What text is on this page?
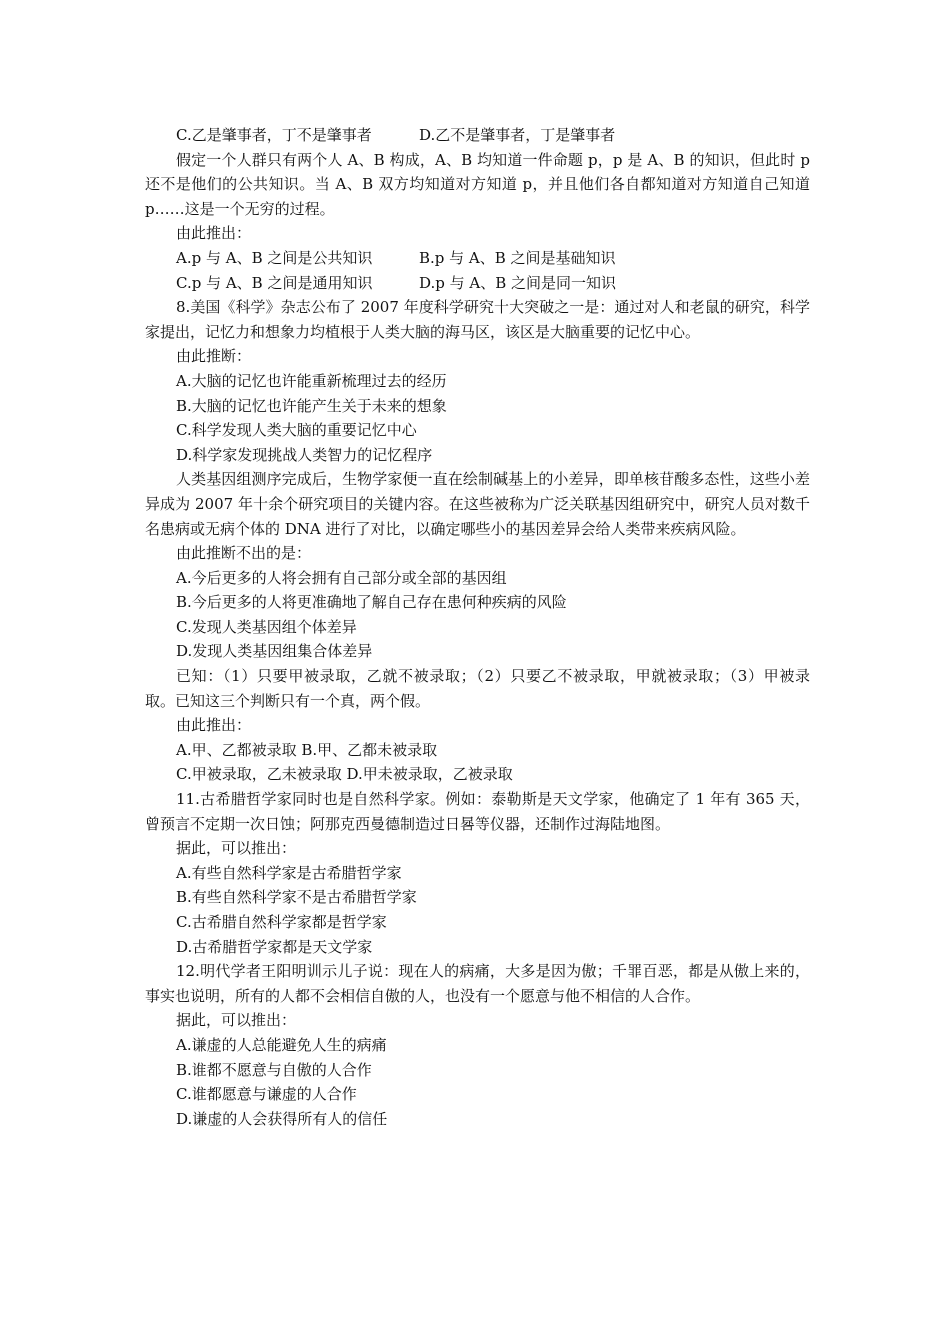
C.乙是肇事者，丁不是肇事者	D.乙不是肇事者，丁是肇事者

假定一个人群只有两个人 A、B 构成，A、B 均知道一件命题 p，p 是 A、B 的知识，但此时 p 还不是他们的公共知识。当 A、B 双方均知道对方知道 p，并且他们各自都知道对方知道自己知道 p……这是一个无穷的过程。

由此推出：
A.p 与 A、B 之间是公共知识	B.p 与 A、B 之间是基础知识
C.p 与 A、B 之间是通用知识	D.p 与 A、B 之间是同一知识

8.美国《科学》杂志公布了 2007 年度科学研究十大突破之一是：通过对人和老鼠的研究，科学家提出，记忆力和想象力均植根于人类大脑的海马区，该区是大脑重要的记忆中心。

由此推断：
A.大脑的记忆也许能重新梳理过去的经历
B.大脑的记忆也许能产生关于未来的想象
C.科学发现人类大脑的重要记忆中心
D.科学家发现挑战人类智力的记忆程序

人类基因组测序完成后，生物学家便一直在绘制碱基上的小差异，即单核苷酸多态性，这些小差异成为 2007 年十余个研究项目的关键内容。在这些被称为广泛关联基因组研究中，研究人员对数千名患病或无病个体的 DNA 进行了对比，以确定哪些小的基因差异会给人类带来疾病风险。

由此推断不出的是：
A.今后更多的人将会拥有自己部分或全部的基因组
B.今后更多的人将更准确地了解自己存在患何种疾病的风险
C.发现人类基因组个体差异
D.发现人类基因组集合体差异

已知：（1）只要甲被录取，乙就不被录取；（2）只要乙不被录取，甲就被录取；（3）甲被录取。已知这三个判断只有一个真，两个假。

由此推出：
A.甲、乙都被录取 B.甲、乙都未被录取
C.甲被录取，乙未被录取 D.甲未被录取，乙被录取

11.古希腊哲学家同时也是自然科学家。例如：泰勒斯是天文学家，他确定了 1 年有 365 天，曾预言不定期一次日蚀；阿那克西曼德制造过日晷等仪器，还制作过海陆地图。

据此，可以推出：
A.有些自然科学家是古希腊哲学家
B.有些自然科学家不是古希腊哲学家
C.古希腊自然科学家都是哲学家
D.古希腊哲学家都是天文学家

12.明代学者王阳明训示儿子说：现在人的病痛，大多是因为傲；千罪百恶，都是从傲上来的，事实也说明，所有的人都不会相信自傲的人，也没有一个愿意与他不相信的人合作。

据此，可以推出：
A.谦虚的人总能避免人生的病痛
B.谁都不愿意与自傲的人合作
C.谁都愿意与谦虚的人合作
D.谦虚的人会获得所有人的信任
